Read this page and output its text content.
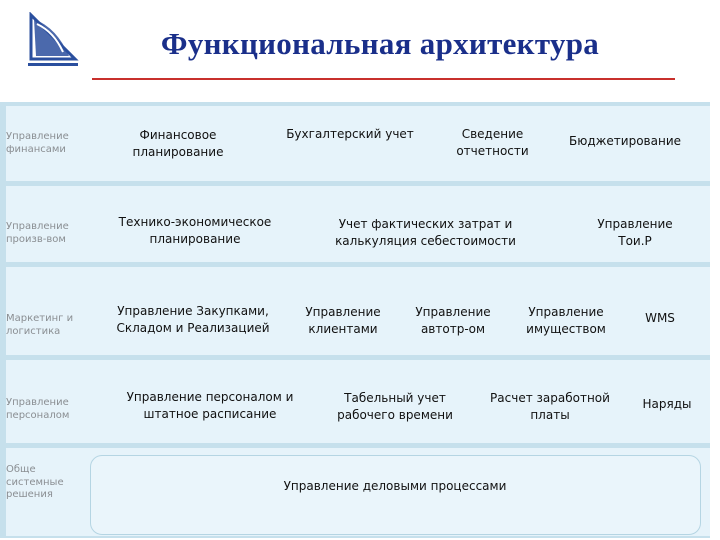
Функциональная архитектура
Управление финансами
Финансовое планирование
Бухгалтерский учет	Сведение отчетности
Бюджетирование
Управление произв-вом
Технико-экономическое планирование
Учет фактических затрат и калькуляция себестоимости
Управление Тои.Р
Маркетинг и логистика
Управление Закупками, Складом и Реализацией
Управление клиентами
Управление автотр-ом
Управление имуществом
WMS
Управление персоналом
Управление персоналом и штатное расписание
Табельный учет рабочего времени
Расчет заработной платы
Наряды
Обще системные решения
Управление деловыми процессами
